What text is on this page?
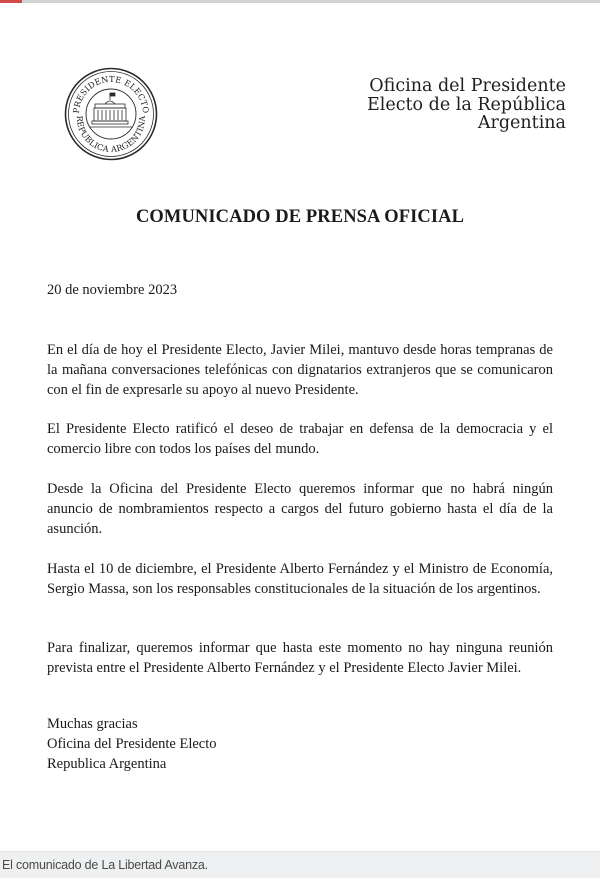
PRESIDENTE ELECTO
REPUBLICA ARGENTINA
Oficina del Presidente
Electo de la República
Argentina
COMUNICADO DE PRENSA OFICIAL
20 de noviembre 2023
En el día de hoy el Presidente Electo, Javier Milei, mantuvo desde horas tempranas de la mañana conversaciones telefónicas con dignatarios extranjeros que se comunicaron con el fin de expresarle su apoyo al nuevo Presidente.
El Presidente Electo ratificó el deseo de trabajar en defensa de la democracia y el comercio libre con todos los países del mundo.
Desde la Oficina del Presidente Electo queremos informar que no habrá ningún anuncio de nombramientos respecto a cargos del futuro gobierno hasta el día de la asunción.
Hasta el 10 de diciembre, el Presidente Alberto Fernández y el Ministro de Economía, Sergio Massa, son los responsables constitucionales de la situación de los argentinos.
Para finalizar, queremos informar que hasta este momento no hay ninguna reunión prevista entre el Presidente Alberto Fernández y el Presidente Electo Javier Milei.
Muchas gracias
Oficina del Presidente Electo
Republica Argentina
El comunicado de La Libertad Avanza.
